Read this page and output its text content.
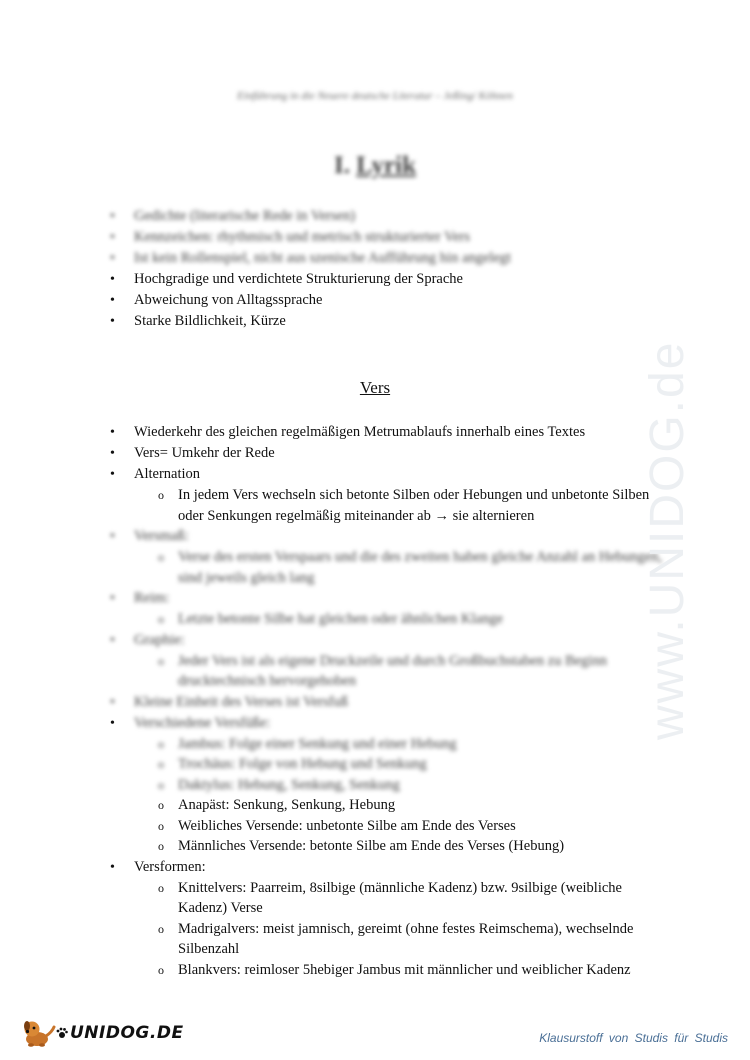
Einführung in die Neuere deutsche Literatur – Jeßing/ Köhnen
I. Lyrik
• Gedichte (literarische Rede in Versen)
• Kennzeichen: rhythmisch und metrisch strukturierter Vers
• Ist kein Rollenspiel, nicht aus szenische Aufführung hin angelegt
• Hochgradige und verdichtete Strukturierung der Sprache
• Abweichung von Alltagssprache
• Starke Bildlichkeit, Kürze
Vers
• Wiederkehr des gleichen regelmäßigen Metrumablaufs innerhalb eines Textes
• Vers= Umkehr der Rede
• Alternation
o In jedem Vers wechseln sich betonte Silben oder Hebungen und unbetonte Silben oder Senkungen regelmäßig miteinander ab → sie alternieren
• Versmaß:
o Verse des ersten Verspaars und die des zweiten haben gleiche Anzahl an Hebungen, sind jeweils gleich lang
• Reim:
o Letzte betonte Silbe hat gleichen oder ähnlichen Klange
• Graphie:
o Jeder Vers ist als eigene Druckzeile und durch Großbuchstaben zu Beginn drucktechnisch hervorgehoben
• Kleine Einheit des Verses ist Versfuß
• Verschiedene Versfüße:
o Jambus: Folge einer Senkung und einer Hebung
o Trochäus: Folge von Hebung und Senkung
o Daktylus: Hebung, Senkung, Senkung
o Anapäst: Senkung, Senkung, Hebung
o Weibliches Versende: unbetonte Silbe am Ende des Verses
o Männliches Versende: betonte Silbe am Ende des Verses (Hebung)
• Versformen:
o Knittelvers: Paarreim, 8silbige (männliche Kadenz) bzw. 9silbige (weibliche Kadenz) Verse
o Madrigalvers: meist jamnisch, gereimt (ohne festes Reimschema), wechselnde Silbenzahl
o Blankvers: reimloser 5hebiger Jambus mit männlicher und weiblicher Kadenz
www.UNIDOG.de
UNIDOG.DE	Klausurstoff von Studis für Studis
